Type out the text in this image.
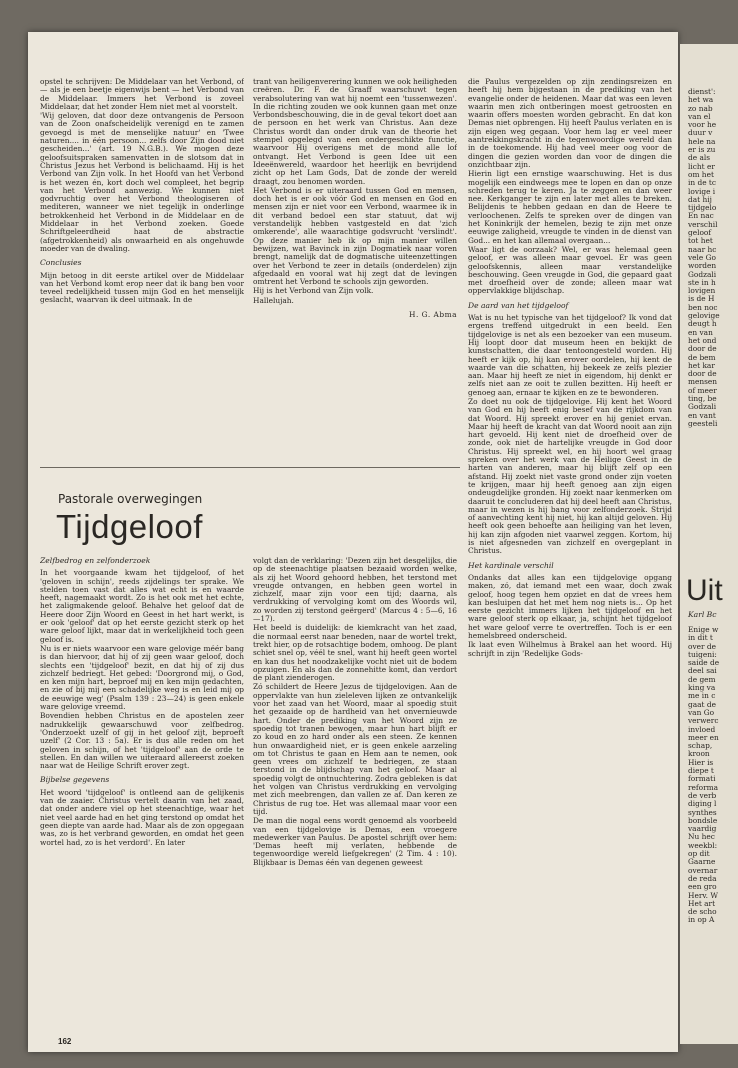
opstel te schrijven: De Middelaar van het Verbond, of — als je een beetje eigenwijs bent — het Verbond van de Middelaar. Immers het Verbond is zoveel Middelaar, dat het zonder Hem niet met al voorstelt.

'Wij geloven, dat door deze ontvangenis de Persoon van de Zoon onafscheidelijk verenigd en te zamen gevoegd is met de menselijke natuur' en 'Twee naturen.... in één persoon... zelfs door Zijn dood niet gescheiden...' (art. 19 N.G.B.). We mogen deze geloofsuitspraken samenvatten in de slotsom dat in Christus Jezus het Verbond is belichaamd. Hij is het Verbond van Zijn volk. In het Hoofd van het Verbond is het wezen én, kort doch wel compleet, het begrip van het Verbond aanwezig. We kunnen niet godvruchtig over het Verbond theologiseren of mediteren, wanneer we niet tegelijk in onderlinge betrokkenheid het Verbond in de Middelaar en de Middelaar in het Verbond zoeken. Goede Schriftgeleerdheid haat de abstractie (afgetrokkenheid) als onwaarheid en als ongehuwde moeder van de dwaling.

Conclusies

Mijn betoog in dit eerste artikel over de Middelaar van het Verbond komt erop neer dat ik bang ben voor teveel redelijkheid tussen mijn God en het menselijk geslacht, waarvan ik deel uitmaak. In de

trant van heiligenverering kunnen we ook heiligheden creëren. Dr. F. de Graaff waarschuwt tegen verabsolutering van wat hij noemt een 'tussenwezen'. In die richting zouden we ook kunnen gaan met onze Verbondsbeschouwing, die in de geval tekort doet aan de persoon en het werk van Christus. Aan deze Christus wordt dan onder druk van de theorie het stempel opgelegd van een ondergeschikte functie, waarvoor Hij overigens met de mond alle lof ontvangt. Het Verbond is geen Idee uit een Ideeënwereld, waardoor het heerlijk en bevrijdend zicht op het Lam Gods, Dat de zonde der wereld draagt, zou benomen worden.

Het Verbond is er uiteraard tussen God en mensen, doch het is er ook vóór God en mensen en God en mensen zijn er niet voor een Verbond, waarmee ik in dit verband bedoel een star statuut, dat wij verstandelijk hebben vastgesteld en dat 'zich omkerende', alle waarachtige godsvrucht 'verslindt'. Op deze manier heb ik op mijn manier willen bewijzen, wat Bavinck in zijn Dogmatiek naar voren brengt, namelijk dat de dogmatische uiteenzettingen over het Verbond te zeer in details (onderdelen) zijn afgedaald en vooral wat hij zegt dat de levingen omtrent het Verbond te schools zijn geworden.

Hij is het Verbond van Zijn volk.

Hallelujah.

H. G. Abma
Pastorale overwegingen
Tijdgeloof
Zelfbedrog en zelfonderzoek

In het voorgaande kwam het tijdgeloof, of het 'geloven in schijn', reeds zijdelings ter sprake. We stelden toen vast dat alles wat echt is en waarde heeft, nagemaakt wordt. Zo is het ook met het echte, het zaligmakende geloof. Behalve het geloof dat de Heere door Zijn Woord en Geest in het hart werkt, is er ook 'geloof' dat op het eerste gezicht sterk op het ware geloof lijkt, maar dat in werkelijkheid toch geen geloof is.

Nu is er niets waarvoor een ware gelovige méér bang is dan hiervoor, dat hij of zij geen waar geloof, doch slechts een 'tijdgeloof' bezit, en dat hij of zij dus zichzelf bedriegt. Het gebed: 'Doorgrond mij, o God, en ken mijn hart, beproef mij en ken mijn gedachten, en zie of bij mij een schadelijke weg is en leid mij op de eeuwige weg' (Psalm 139 : 23—24) is geen enkele ware gelovige vreemd.

Bovendien hebben Christus en de apostelen zeer nadrukkelijk gewaarschuwd voor zelfbedrog. 'Onderzoekt uzelf of gij in het geloof zijt, beproeft uzelf' (2 Cor. 13 : 5a). Er is dus alle reden om het geloven in schijn, of het 'tijdgeloof' aan de orde te stellen. En dan willen we uiteraard allereerst zoeken naar wat de Heilige Schrift erover zegt.

Bijbelse gegevens

Het woord 'tijdgeloof' is ontleend aan de gelijkenis van de zaaier. Christus vertelt daarin van het zaad, dat onder andere viel op het steenachtige, waar het niet veel aarde had en het ging terstond op omdat het geen diepte van aarde had. Maar als de zon opgegaan was, zo is het verbrand geworden, en omdat het geen wortel had, zo is het verdord'. En later

volgt dan de verklaring: 'Dezen zijn het desgelijks, die op de steenachtige plaatsen bezaaid worden welke, als zij het Woord gehoord hebben, het terstond met vreugde ontvangen, en hebben geen wortel in zichzelf, maar zijn voor een tijd; daarna, als verdrukking of vervolging komt om des Woords wil, zo worden zij terstond geërgerd' (Marcus 4 : 5—6, 16—17).

Het beeld is duidelijk: de kiemkracht van het zaad, die normaal eerst naar beneden, naar de wortel trekt, trekt hier, op de rotsachtige bodem, omhoog. De plant schiet snel op, véél te snel, want hij heeft geen wortel en kan dus het noodzakelijke vocht niet uit de bodem opzuigen. En als dan de zonnehitte komt, dan verdort de plant zienderogen.

Zó schildert de Heere Jezus de tijdgelovigen. Aan de oppervlakte van hun zieleleven lijken ze ontvankelijk voor het zaad van het Woord, maar al spoedig stuit het gezaaide op de hardheid van het onvernieuwde hart. Onder de prediking van het Woord zijn ze spoedig tot tranen bewogen, maar hun hart blijft er zo koud en zo hard onder als een steen. Ze kennen hun onwaardigheid niet, er is geen enkele aarzeling om tot Christus te gaan en Hem aan te nemen, ook geen vrees om zichzelf te bedriegen, ze staan terstond in de blijdschap van het geloof. Maar al spoedig volgt de ontnuchtering. Zodra gebleken is dat het volgen van Christus verdrukking en vervolging met zich meebrengen, dan vallen ze af. Dan keren ze Christus de rug toe. Het was allemaal maar voor een tijd.

De man die nogal eens wordt genoemd als voorbeeld van een tijdgelovige is Demas, een vroegere medewerker van Paulus. De apostel schrijft over hem: 'Demas heeft mij verlaten, hebbende de tegenwoordige wereld liefgekregen' (2 Tim. 4 : 10). Blijkbaar is Demas één van degenen geweest

die Paulus vergezelden op zijn zendingsreizen en heeft hij hem bijgestaan in de prediking van het evangelie onder de heidenen. Maar dat was een leven waarin men zich ontberingen moest getroosten en waarin offers moesten worden gebracht. En dat kon Demas niet opbrengen. Hij heeft Paulus verlaten en is zijn eigen weg gegaan. Voor hem lag er veel meer aantrekkingskracht in de tegenwoordige wereld dan in de toekomende. Hij had veel meer oog voor de dingen die gezien worden dan voor de dingen die onzichtbaar zijn.

Hierin ligt een ernstige waarschuwing. Het is dus mogelijk een eindweegs mee te lopen en dan op onze schreden terug te keren. Ja te zeggen en dan weer nee. Kerkganger te zijn en later met alles te breken. Belijdenis te hebben gedaan en dan de Heere te verloochenen. Zelfs te spreken over de dingen van het Koninkrijk der hemelen, bezig te zijn met onze eeuwige zaligheid, vreugde te vinden in de dienst van God... en het kan allemaal overgaan...

Waar ligt de oorzaak? Wel, er was helemaal geen geloof, er was alleen maar gevoel. Er was geen geloofskennis, alleen maar verstandelijke beschouwing. Geen vreugde in God, die gepaard gaat met droefheid over de zonde; alleen maar wat oppervlakkige blijdschap.

De aard van het tijdgeloof

Wat is nu het typische van het tijdgeloof? Ik vond dat ergens treffend uitgedrukt in een beeld. Een tijdgelovige is net als een bezoeker van een museum. Hij loopt door dat museum heen en bekijkt de kunstschatten, die daar tentoongesteld worden. Hij heeft er kijk op, hij kan erover oordelen, hij kent de waarde van die schatten, hij bekeek ze zelfs plezier aan. Maar hij heeft ze niet in eigendom, hij denkt er zelfs niet aan ze ooit te zullen bezitten. Hij heeft er genoeg aan, ernaar te kijken en ze te bewonderen.

Zo doet nu ook de tijdgelovige. Hij kent het Woord van God en hij heeft enig besef van de rijkdom van dat Woord. Hij spreekt erover en hij geniet ervan. Maar hij heeft de kracht van dat Woord nooit aan zijn hart gevoeld. Hij kent niet de droefheid over de zonde, ook niet de hartelijke vreugde in God door Christus. Hij spreekt wel, en hij hoort wel graag spreken over het werk van de Heilige Geest in de harten van anderen, maar hij blijft zelf op een afstand. Hij zoekt niet vaste grond onder zijn voeten te krijgen, maar hij heeft genoeg aan zijn eigen ondeugdelijke gronden. Hij zoekt naar kenmerken om daaruit te concluderen dat hij deel heeft aan Christus, maar in wezen is hij bang voor zelfonderzoek. Strijd of aanvechting kent hij niet, hij kan altijd geloven. Hij heeft ook geen behoefte aan heiliging van het leven, hij kan zijn afgoden niet vaarwel zeggen. Kortom, hij is niet afgesneden van zichzelf en overgeplant in Christus.

Het kardinale verschil

Ondanks dat alles kan een tijdgelovige opgang maken, zó, dat iemand met een waar, doch zwak geloof, hoog tegen hem opziet en dat de vrees hem kan besluipen dat het met hem nog niets is... Op het eerste gezicht immers lijken het tijdgeloof en het ware geloof sterk op elkaar, ja, schijnt het tijdgeloof het ware geloof verre te overtreffen. Toch is er een hemelsbreed onderscheid.

Ik laat even Wilhelmus à Brakel aan het woord. Hij schrijft in zijn 'Redelijke Gods-

162
dienst':
het wa
zo nab
van el
voor he
duur v
hele na
er is zu
de als
licht er
om het
in de tc
lovige i
dat hij
tijdgelo
En nac
verschil
geloof
tot het
naar hc
vele Go
worden
Godzali
ste in h
lovigen
is de H
ben noc
gelovige
deugt h
en van
het ond
door de
de bem
het kar
door de
mensen
of meer
ting, be
Godzali
en vant
geesteli
Uit
Karl Bc
Enige w
in dit t
over de
tuigeni:
saide de
deel sai
de gem
king va
me in c
gaat de
van Go
verwerc
invloed
meer en
schap,
kroon
Hier is
diepe t
formati
reforma
de verb
diging l
synthes
bondsle
vaardig
Nu hec
weekbl:
op dit
Gaarne
overnar
de reda
een gro
Herv. W
Het art
de scho
in op A
